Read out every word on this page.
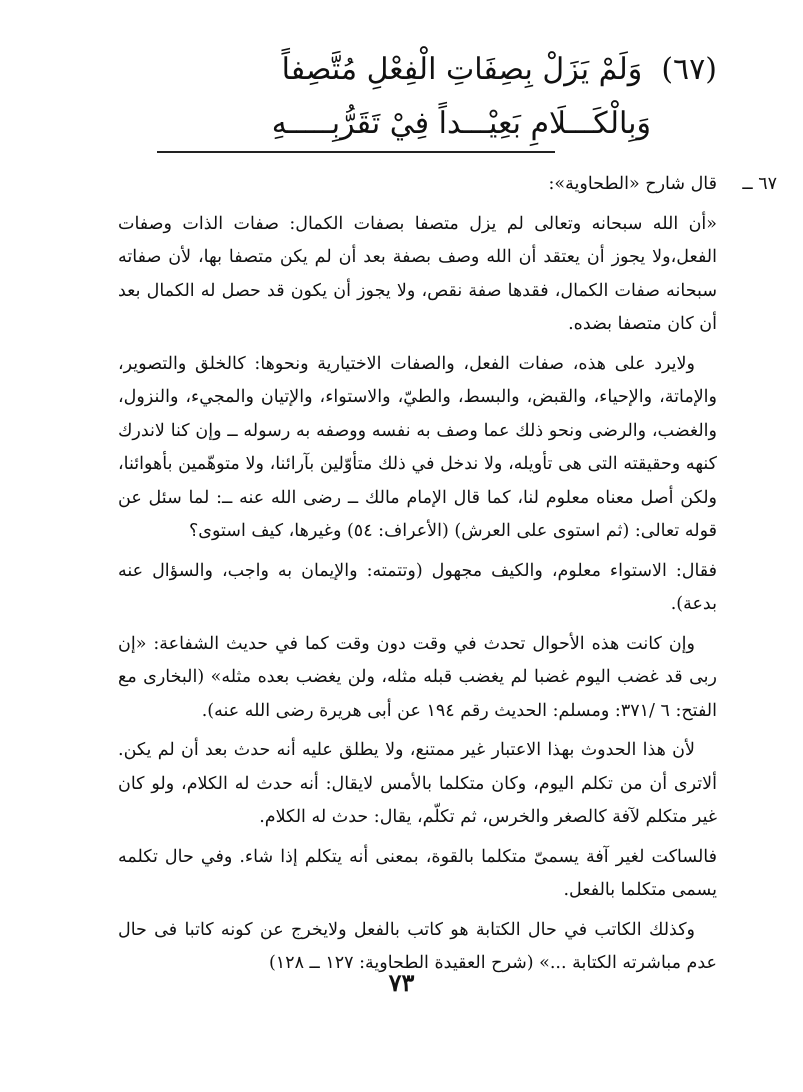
(٦٧)  وَلَمْ يَزَلْ بِصِفَاتِ الْفِعْلِ مُتَّصِفاً
وَبِالْكَـــلَامِ بَعِيْـــداً فِيْ تَقَرُّبِـــــهِ

٦٧ ــ
قال شارح «الطحاوية»:

«أن الله سبحانه وتعالى لم يزل متصفا بصفات الكمال: صفات الذات وصفات الفعل،ولا يجوز أن يعتقد أن الله وصف بصفة بعد أن لم يكن متصفا بها، لأن صفاته سبحانه صفات الكمال، فقدها صفة نقص، ولا يجوز أن يكون قد حصل له الكمال بعد أن كان متصفا بضده.

ولايرد على هذه، صفات الفعل، والصفات الاختيارية ونحوها: كالخلق والتصوير، والإماتة، والإحياء، والقبض، والبسط، والطيّ، والاستواء، والإتيان والمجيء، والنزول، والغضب، والرضى ونحو ذلك عما وصف به نفسه ووصفه به رسوله ــ وإن كنا لاندرك كنهه وحقيقته التى هى تأويله، ولا ندخل في ذلك متأوّلين بآرائنا، ولا متوهّمين بأهوائنا، ولكن أصل معناه معلوم لنا، كما قال الإمام مالك ــ رضى الله عنه ــ: لما سئل عن قوله تعالى: (ثم استوى على العرش) (الأعراف: ٥٤) وغيرها، كيف استوى؟

فقال: الاستواء معلوم، والكيف مجهول (وتتمته: والإيمان به واجب، والسؤال عنه بدعة).

وإن كانت هذه الأحوال تحدث في وقت دون وقت كما في حديث الشفاعة: «إن ربى قد غضب اليوم غضبا لم يغضب قبله مثله، ولن يغضب بعده مثله» (البخارى مع الفتح: ٦ /٣٧١: ومسلم: الحديث رقم ١٩٤ عن أبى هريرة رضى الله عنه).

لأن هذا الحدوث بهذا الاعتبار غير ممتنع، ولا يطلق عليه أنه حدث بعد أن لم يكن. ألاترى أن من تكلم اليوم، وكان متكلما بالأمس لايقال: أنه حدث له الكلام، ولو كان غير متكلم لآفة كالصغر والخرس، ثم تكلّم، يقال: حدث له الكلام.

فالساكت لغير آفة يسمىّ متكلما بالقوة، بمعنى أنه يتكلم إذا شاء. وفي حال تكلمه يسمى متكلما بالفعل.

وكذلك الكاتب في حال الكتابة هو كاتب بالفعل ولايخرج عن كونه كاتبا فى حال عدم مباشرته الكتابة ...» (شرح العقيدة الطحاوية: ١٢٧ ــ ١٢٨)

٧٣
